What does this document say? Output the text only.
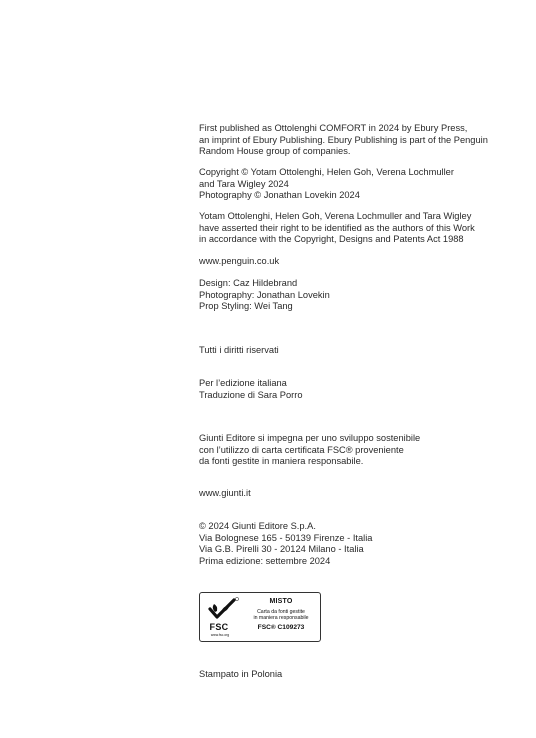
First published as Ottolenghi COMFORT in 2024 by Ebury Press,
an imprint of Ebury Publishing. Ebury Publishing is part of the Penguin
Random House group of companies.
Copyright © Yotam Ottolenghi, Helen Goh, Verena Lochmuller
and Tara Wigley 2024
Photography © Jonathan Lovekin 2024
Yotam Ottolenghi, Helen Goh, Verena Lochmuller and Tara Wigley
have asserted their right to be identified as the authors of this Work
in accordance with the Copyright, Designs and Patents Act 1988
www.penguin.co.uk
Design: Caz Hildebrand
Photography: Jonathan Lovekin
Prop Styling: Wei Tang
Tutti i diritti riservati
Per l’edizione italiana
Traduzione di Sara Porro
Giunti Editore si impegna per uno sviluppo sostenibile
con l’utilizzo di carta certificata FSC® proveniente
da fonti gestite in maniera responsabile.
www.giunti.it
© 2024 Giunti Editore S.p.A.
Via Bolognese 165 - 50139 Firenze - Italia
Via G.B. Pirelli 30 - 20124 Milano - Italia
Prima edizione: settembre 2024
FSC
www.fsc.org
MISTO
Carta da fonti gestite
in maniera responsabile
FSC® C109273
Stampato in Polonia
